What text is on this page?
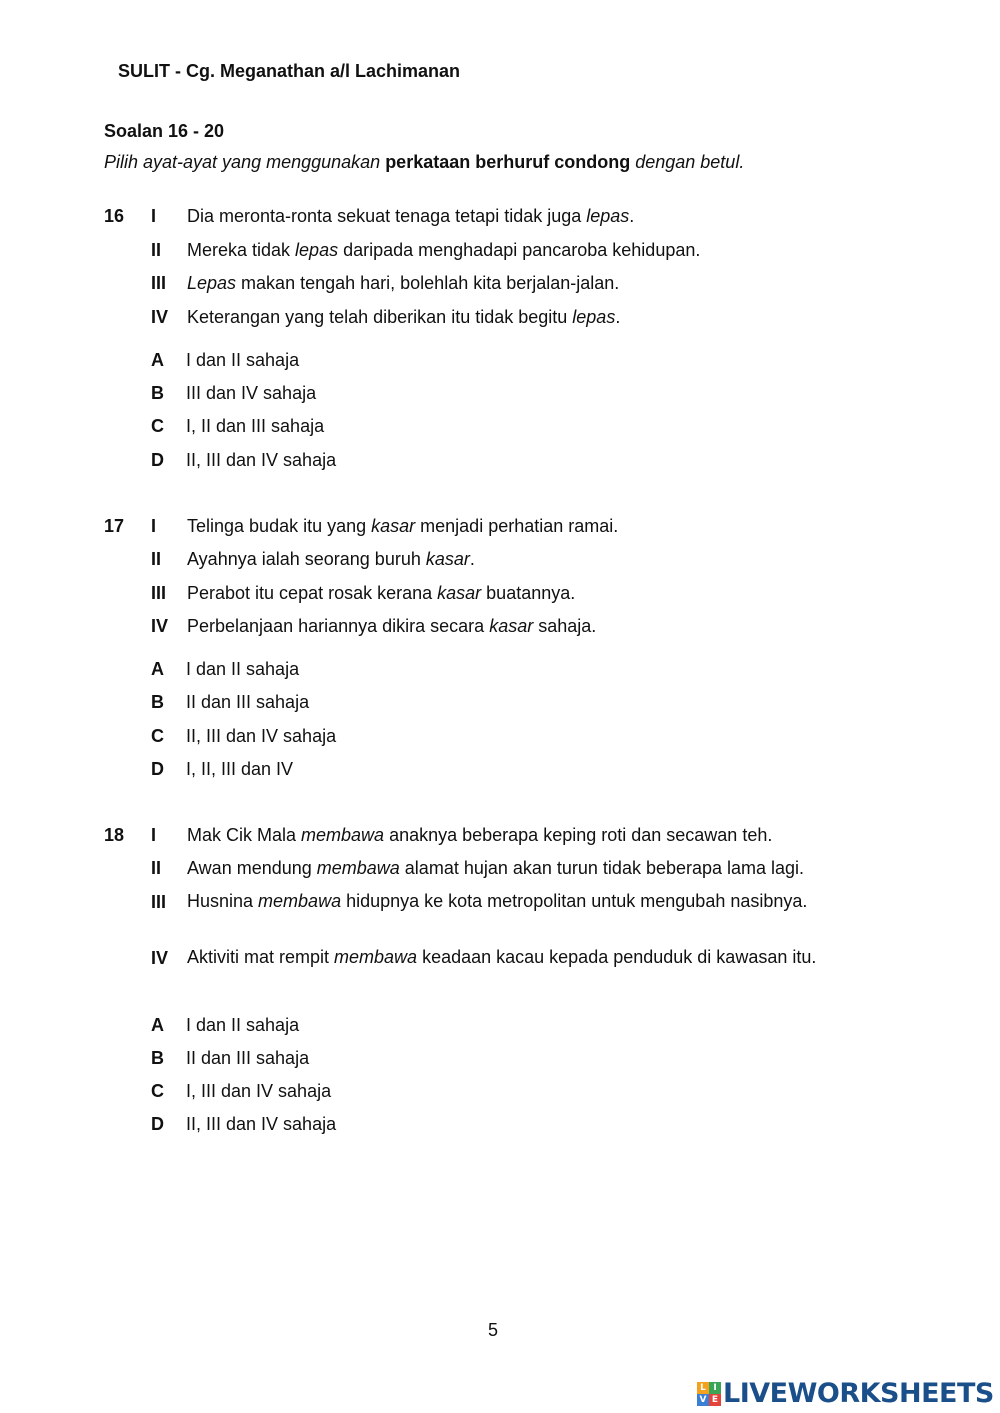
SULIT - Cg. Meganathan a/l Lachimanan
Soalan 16 - 20
Pilih ayat-ayat yang menggunakan perkataan berhuruf condong dengan betul.
16 I Dia meronta-ronta sekuat tenaga tetapi tidak juga lepas.
II Mereka tidak lepas daripada menghadapi pancaroba kehidupan.
III Lepas makan tengah hari, bolehlah kita berjalan-jalan.
IV Keterangan yang telah diberikan itu tidak begitu lepas.
A I dan II sahaja
B III dan IV sahaja
C I, II dan III sahaja
D II, III dan IV sahaja
17 I Telinga budak itu yang kasar menjadi perhatian ramai.
II Ayahnya ialah seorang buruh kasar.
III Perabot itu cepat rosak kerana kasar buatannya.
IV Perbelanjaan hariannya dikira secara kasar sahaja.
A I dan II sahaja
B II dan III sahaja
C II, III dan IV sahaja
D I, II, III dan IV
18 I Mak Cik Mala membawa anaknya beberapa keping roti dan secawan teh.
II Awan mendung membawa alamat hujan akan turun tidak beberapa lama lagi.
III Husnina membawa hidupnya ke kota metropolitan untuk mengubah nasibnya.
IV Aktiviti mat rempit membawa keadaan kacau kepada penduduk di kawasan itu.
A I dan II sahaja
B II dan III sahaja
C I, III dan IV sahaja
D II, III dan IV sahaja
5
L I
V E LIVEWORKSHEETS
